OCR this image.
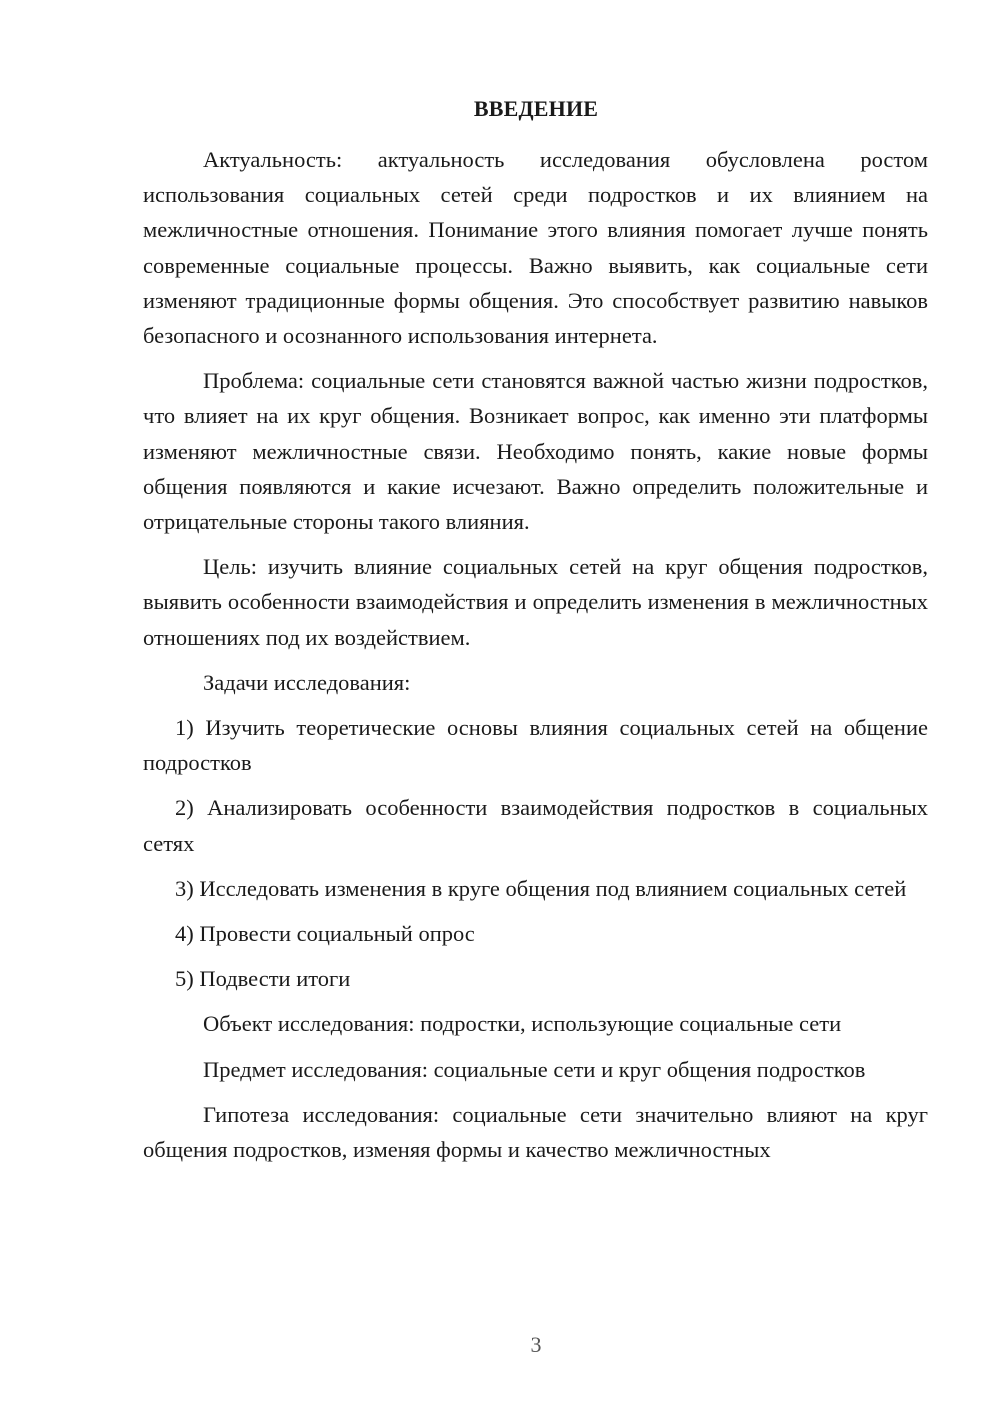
ВВЕДЕНИЕ

Актуальность: актуальность исследования обусловлена ростом использования социальных сетей среди подростков и их влиянием на межличностные отношения. Понимание этого влияния помогает лучше понять современные социальные процессы. Важно выявить, как социальные сети изменяют традиционные формы общения. Это способствует развитию навыков безопасного и осознанного использования интернета.

Проблема: социальные сети становятся важной частью жизни подростков, что влияет на их круг общения. Возникает вопрос, как именно эти платформы изменяют межличностные связи. Необходимо понять, какие новые формы общения появляются и какие исчезают. Важно определить положительные и отрицательные стороны такого влияния.

Цель: изучить влияние социальных сетей на круг общения подростков, выявить особенности взаимодействия и определить изменения в межличностных отношениях под их воздействием.

Задачи исследования:

1) Изучить теоретические основы влияния социальных сетей на общение подростков

2) Анализировать особенности взаимодействия подростков в социальных сетях

3) Исследовать изменения в круге общения под влиянием социальных сетей

4) Провести социальный опрос

5) Подвести итоги

Объект исследования: подростки, использующие социальные сети

Предмет исследования: социальные сети и круг общения подростков

Гипотеза исследования: социальные сети значительно влияют на круг общения подростков, изменяя формы и качество межличностных

3
